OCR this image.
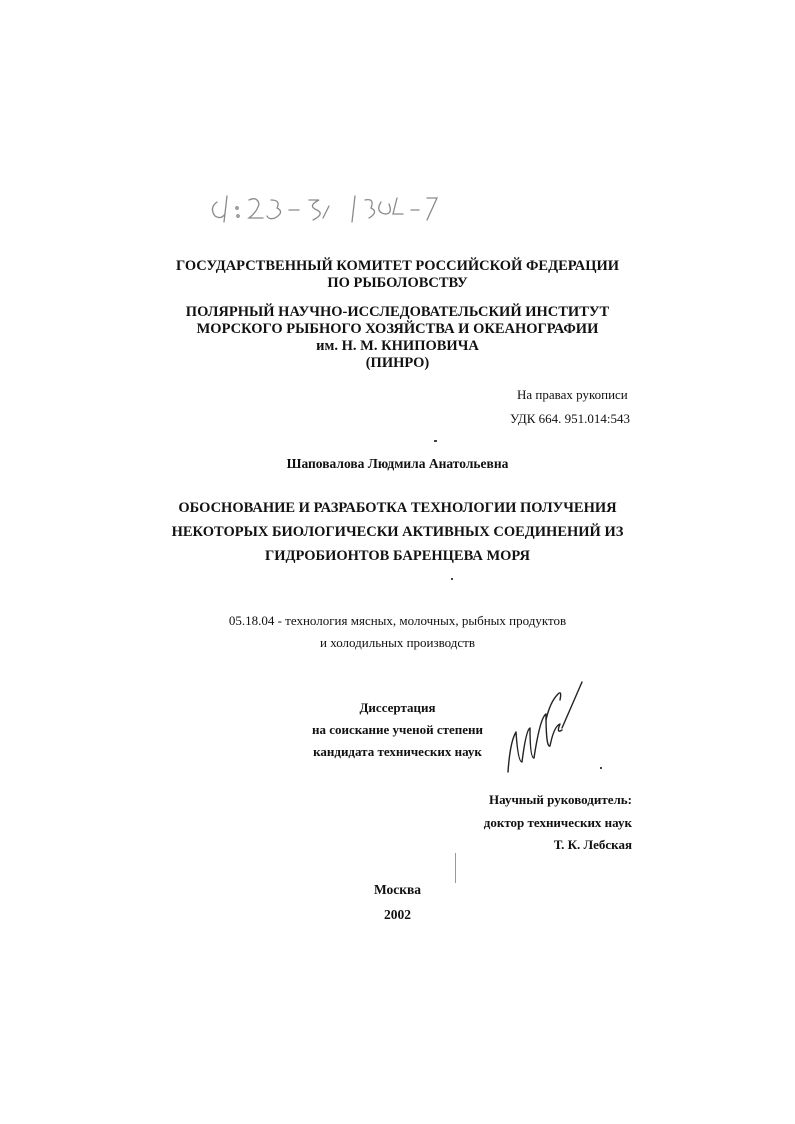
ГОСУДАРСТВЕННЫЙ КОМИТЕТ РОССИЙСКОЙ ФЕДЕРАЦИИ
ПО РЫБОЛОВСТВУ
ПОЛЯРНЫЙ НАУЧНО-ИССЛЕДОВАТЕЛЬСКИЙ ИНСТИТУТ
МОРСКОГО РЫБНОГО ХОЗЯЙСТВА И ОКЕАНОГРАФИИ
им. Н. М. КНИПОВИЧА
(ПИНРО)
На правах рукописи
УДК 664. 951.014:543
Шаповалова Людмила Анатольевна
ОБОСНОВАНИЕ И РАЗРАБОТКА ТЕХНОЛОГИИ ПОЛУЧЕНИЯ
НЕКОТОРЫХ БИОЛОГИЧЕСКИ АКТИВНЫХ СОЕДИНЕНИЙ ИЗ
ГИДРОБИОНТОВ БАРЕНЦЕВА МОРЯ
05.18.04 - технология мясных, молочных, рыбных продуктов
и холодильных производств
Диссертация
на соискание ученой степени
кандидата технических наук
Научный руководитель:
доктор технических наук
Т. К. Лебская
Москва
2002
